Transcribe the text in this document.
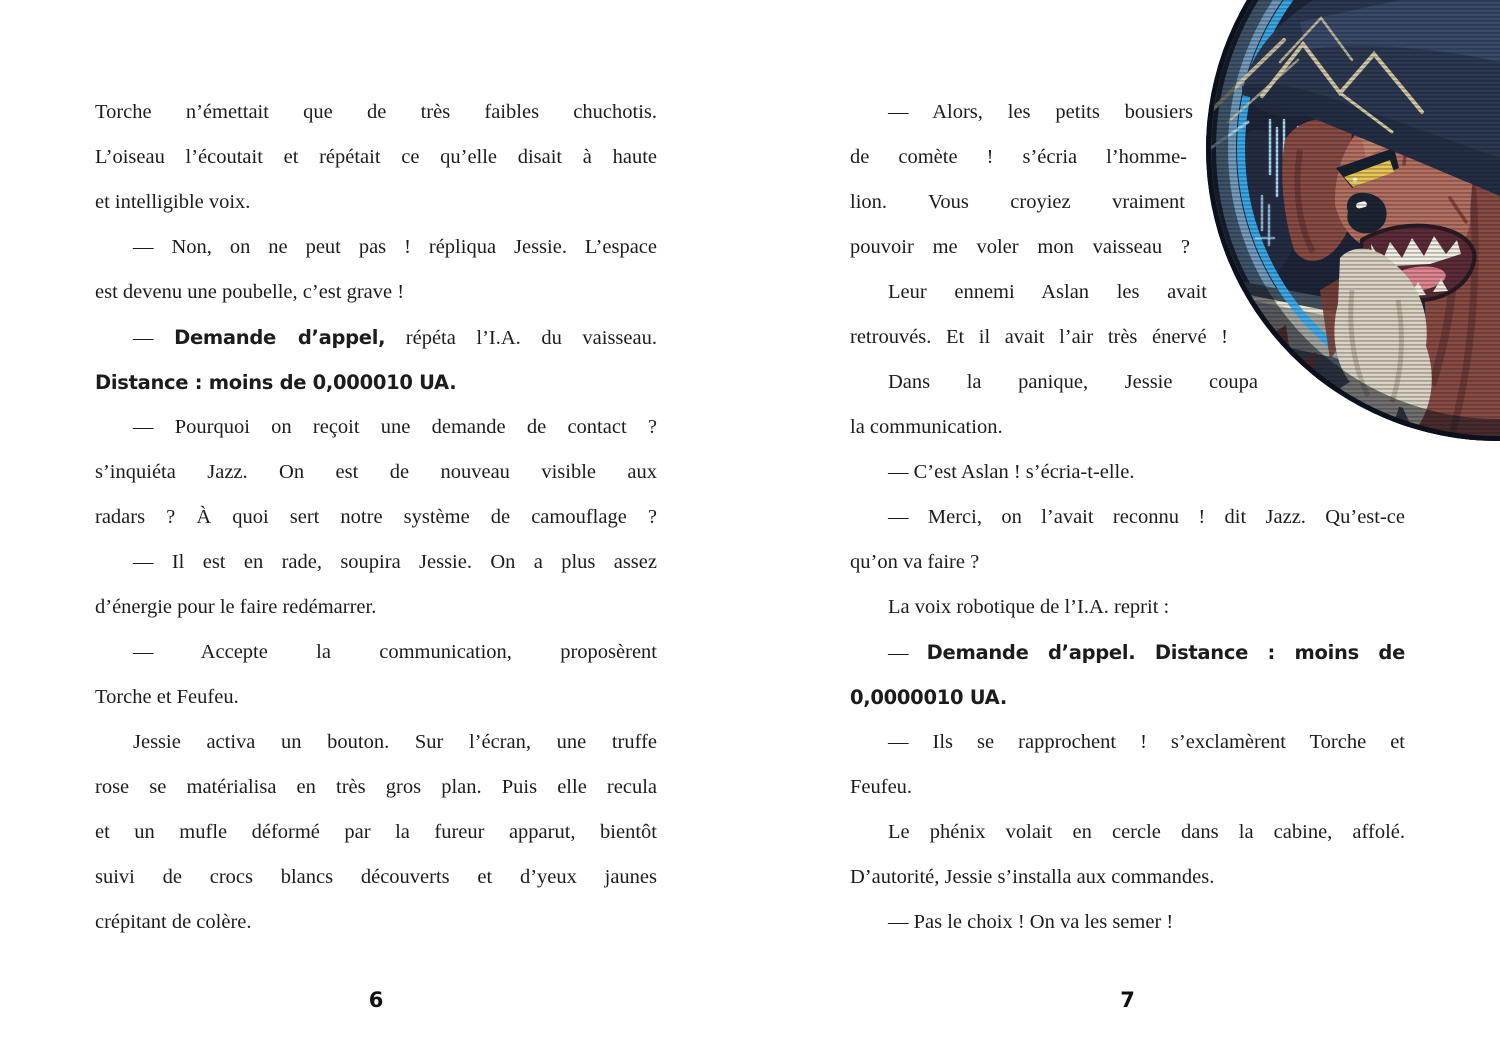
Torche n’émettait que de très faibles chuchotis.
L’oiseau l’écoutait et répétait ce qu’elle disait à haute
et intelligible voix.
— Non, on ne peut pas ! répliqua Jessie. L’espace
est devenu une poubelle, c’est grave !
— Demande d’appel, répéta l’I.A. du vaisseau.
Distance : moins de 0,000010 UA.
— Pourquoi on reçoit une demande de contact ?
s’inquiéta Jazz. On est de nouveau visible aux
radars ? À quoi sert notre système de camouflage ?
— Il est en rade, soupira Jessie. On a plus assez
d’énergie pour le faire redémarrer.
— Accepte la communication, proposèrent
Torche et Feufeu.
Jessie activa un bouton. Sur l’écran, une truffe
rose se matérialisa en très gros plan. Puis elle recula
et un mufle déformé par la fureur apparut, bientôt
suivi de crocs blancs découverts et d’yeux jaunes
crépitant de colère.
6
— Alors, les petits bousiers
de comète ! s’écria l’homme-
lion. Vous croyiez vraiment
pouvoir me voler mon vaisseau ?
Leur ennemi Aslan les avait
retrouvés. Et il avait l’air très énervé !
Dans la panique, Jessie coupa
la communication.
— C’est Aslan ! s’écria-t-elle.
— Merci, on l’avait reconnu ! dit Jazz. Qu’est-ce
qu’on va faire ?
La voix robotique de l’I.A. reprit :
— Demande d’appel. Distance : moins de
0,0000010 UA.
— Ils se rapprochent ! s’exclamèrent Torche et
Feufeu.
Le phénix volait en cercle dans la cabine, affolé.
D’autorité, Jessie s’installa aux commandes.
— Pas le choix ! On va les semer !
7
